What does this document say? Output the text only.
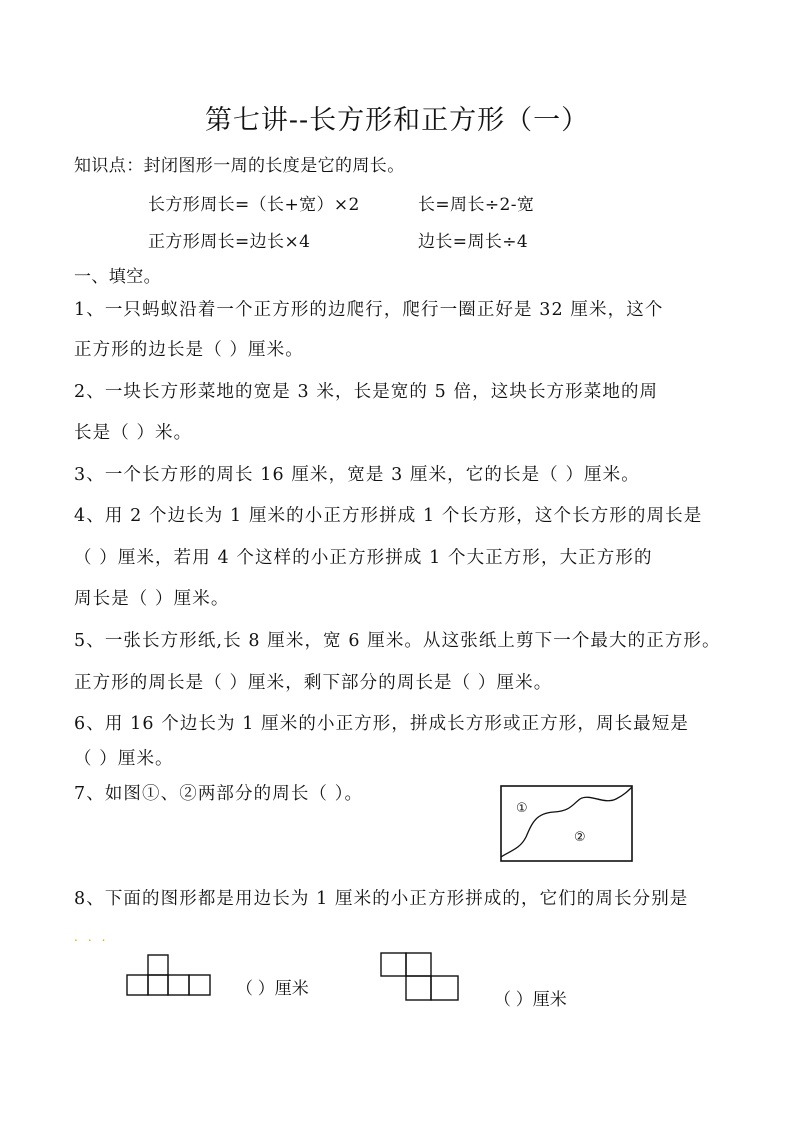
第七讲--长方形和正方形（一）
知识点：封闭图形一周的长度是它的周长。
长方形周长=（长+宽）×2	长=周长÷2-宽
正方形周长=边长×4	边长=周长÷4
一、填空。
1、一只蚂蚁沿着一个正方形的边爬行，爬行一圈正好是 32 厘米，这个
正方形的边长是（ ）厘米。
2、一块长方形菜地的宽是 3 米，长是宽的 5 倍，这块长方形菜地的周
长是（ ）米。
3、一个长方形的周长 16 厘米，宽是 3 厘米，它的长是（ ）厘米。
4、用 2 个边长为 1 厘米的小正方形拼成 1 个长方形，这个长方形的周长是
（ ）厘米，若用 4 个这样的小正方形拼成 1 个大正方形，大正方形的
周长是（ ）厘米。
5、一张长方形纸,长 8 厘米，宽 6 厘米。从这张纸上剪下一个最大的正方形。
正方形的周长是（ ）厘米，剩下部分的周长是（ ）厘米。
6、用 16 个边长为 1 厘米的小正方形，拼成长方形或正方形，周长最短是
（ ）厘米。
7、如图①、②两部分的周长（ ）。
①
②
8、下面的图形都是用边长为 1 厘米的小正方形拼成的，它们的周长分别是
...
（ ）厘米
（ ）厘米
